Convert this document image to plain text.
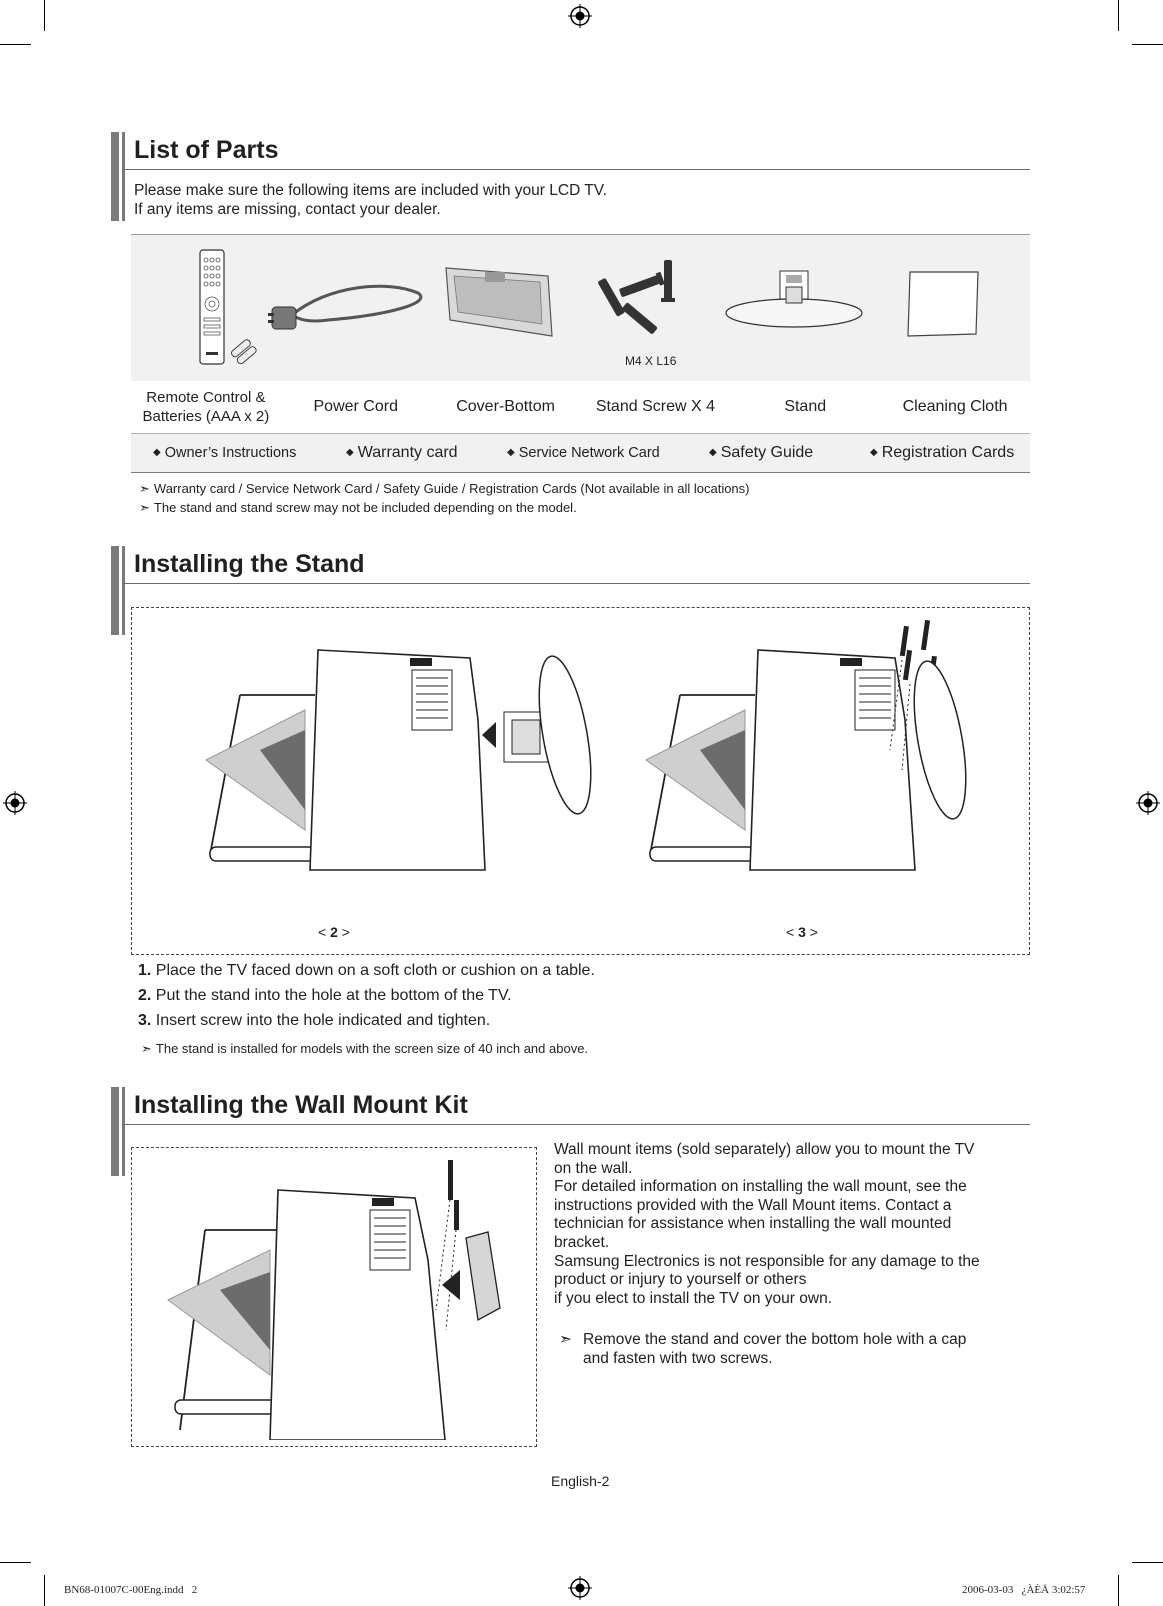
List of Parts
Please make sure the following items are included with your LCD TV.
If any items are missing, contact your dealer.
M4 X L16
Remote Control &
Batteries (AAA x 2)
Power Cord	Cover-Bottom	Stand Screw X 4	Stand	Cleaning Cloth
◆ Owner’s Instructions	◆ Warranty card	◆ Service Network Card	◆ Safety Guide	◆ Registration Cards
➣ Warranty card / Service Network Card / Safety Guide / Registration Cards (Not available in all locations)
➣ The stand and stand screw may not be included depending on the model.
Installing the Stand
< 2 >	< 3 >
1. Place the TV faced down on a soft cloth or cushion on a table.
2. Put the stand into the hole at the bottom of the TV.
3. Insert screw into the hole indicated and tighten.
➣ The stand is installed for models with the screen size of 40 inch and above.
Installing the Wall Mount Kit
Wall mount items (sold separately) allow you to mount the TV
on the wall.
For detailed information on installing the wall mount, see the
instructions provided with the Wall Mount items. Contact a
technician for assistance when installing the wall mounted
bracket.
Samsung Electronics is not responsible for any damage to the
product or injury to yourself or others
if you elect to install the TV on your own.
➣ Remove the stand and cover the bottom hole with a cap
and fasten with two screws.
English-2
BN68-01007C-00Eng.indd   2	2006-03-03   ¿ÀÈÄ 3:02:57
